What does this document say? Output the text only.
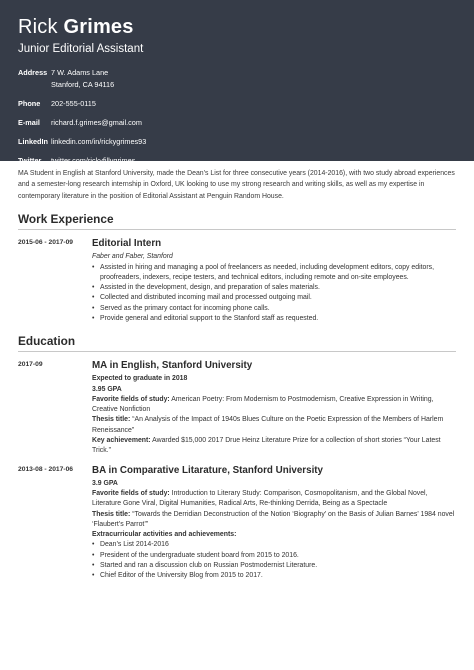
Rick Grimes
Junior Editorial Assistant
Address 7 W. Adams Lane
Stanford, CA 94116
Phone	202-555-0115
E-mail	richard.f.grimes@gmail.com
LinkedIn linkedin.com/in/rickygrimes93
Twitter	twitter.com/rickyfillygrimes

MA Student in English at Stanford University, made the Dean’s List for three consecutive years (2014-2016), with two study abroad experiences and a semester-long research internship in Oxford, UK looking to use my strong research and writing skills, as well as my expertise in contemporary literature in the position of Editorial Assistant at Penguin Random House.

Work Experience
2015-06 - 2017-09	Editorial Intern
Faber and Faber, Stanford
• Assisted in hiring and managing a pool of freelancers as needed, including development editors, copy editors, proofreaders, indexers, recipe testers, and technical editors, including remote and on-site employees.
• Assisted in the development, design, and preparation of sales materials.
• Collected and distributed incoming mail and processed outgoing mail.
• Served as the primary contact for incoming phone calls.
• Provide general and editorial support to the Stanford staff as requested.
Education
2017-09	MA in English, Stanford University
Expected to graduate in 2018
3.95 GPA
Favorite fields of study: American Poetry: From Modernism to Postmodernism, Creative Expression in Writing, Creative Nonfiction
Thesis title: “An Analysis of the Impact of 1940s Blues Culture on the Poetic Expression of the Members of Harlem Reneissance”
Key achievement: Awarded $15,000 2017 Drue Heinz Literature Prize for a collection of short stories “Your Latest Trick.”
2013-08 - 2017-06	BA in Comparative Litarature, Stanford University
3.9 GPA
Favorite fields of study: Introduction to Literary Study: Comparison, Cosmopolitanism, and the Global Novel, Literature Gone Viral, Digital Humanities, Radical Arts, Re-thinking Derrida, Being as a Spectacle
Thesis title: “Towards the Derridian Deconstruction of the Notion ‘Biography’ on the Basis of Julian Barnes’ 1984 novel ‘Flaubert’s Parrot’”
Extracurricular activities and achievements:
• Dean’s List 2014-2016
• President of the undergraduate student board from 2015 to 2016.
• Started and ran a discussion club on Russian Postmodernist Literature.
• Chief Editor of the University Blog from 2015 to 2017.
